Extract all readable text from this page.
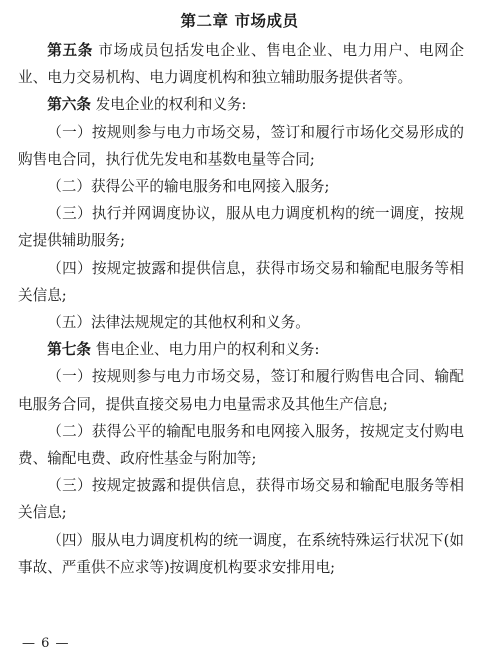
第二章 市场成员

第五条 市场成员包括发电企业、售电企业、电力用户、电网企业、电力交易机构、电力调度机构和独立辅助服务提供者等。

第六条 发电企业的权利和义务:

（一）按规则参与电力市场交易，签订和履行市场化交易形成的购售电合同，执行优先发电和基数电量等合同;

（二）获得公平的输电服务和电网接入服务;

（三）执行并网调度协议，服从电力调度机构的统一调度，按规定提供辅助服务;

（四）按规定披露和提供信息，获得市场交易和输配电服务等相关信息;

（五）法律法规规定的其他权利和义务。

第七条 售电企业、电力用户的权利和义务:

（一）按规则参与电力市场交易，签订和履行购售电合同、输配电服务合同，提供直接交易电力电量需求及其他生产信息;

（二）获得公平的输配电服务和电网接入服务，按规定支付购电费、输配电费、政府性基金与附加等;

（三）按规定披露和提供信息，获得市场交易和输配电服务等相关信息;

（四）服从电力调度机构的统一调度，在系统特殊运行状况下(如事故、严重供不应求等)按调度机构要求安排用电;

— 6 —
